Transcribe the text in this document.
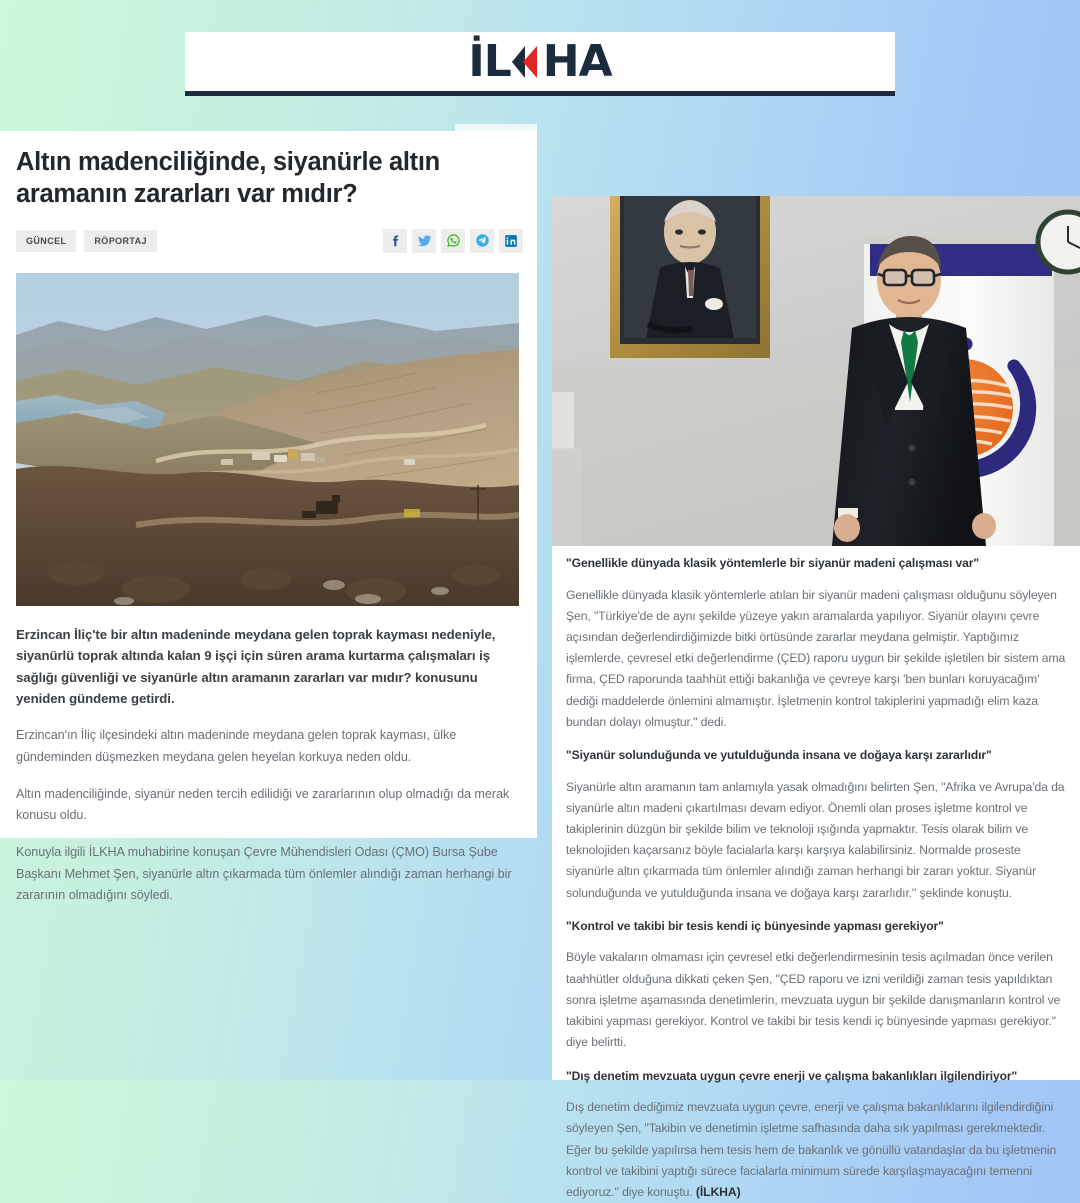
İL HA
Altın madenciliğinde, siyanürle altın aramanın zararları var mıdır?
GÜNCEL	RÖPORTAJ

Erzincan İliç'te bir altın madeninde meydana gelen toprak kayması nedeniyle, siyanürlü toprak altında kalan 9 işçi için süren arama kurtarma çalışmaları iş sağlığı güvenliği ve siyanürle altın aramanın zararları var mıdır? konusunu yeniden gündeme getirdi.

Erzincan'ın İliç ilçesindeki altın madeninde meydana gelen toprak kayması, ülke gündeminden düşmezken meydana gelen heyelan korkuya neden oldu.

Altın madenciliğinde, siyanür neden tercih edilidiği ve zararlarının olup olmadığı da merak konusu oldu.

Konuyla ilgili İLKHA muhabirine konuşan Çevre Mühendisleri Odası (ÇMO) Bursa Şube Başkanı Mehmet Şen, siyanürle altın çıkarmada tüm önlemler alındığı zaman herhangi bir zararının olmadığını söyledi.

"Genellikle dünyada klasik yöntemlerle bir siyanür madeni çalışması var"

Genellikle dünyada klasik yöntemlerle atılan bir siyanür madeni çalışması olduğunu söyleyen Şen, "Türkiye'de de aynı şekilde yüzeye yakın aramalarda yapılıyor. Siyanür olayını çevre açısından değerlendirdiğimizde bitki örtüsünde zararlar meydana gelmiştir. Yaptığımız işlemlerde, çevresel etki değerlendirme (ÇED) raporu uygun bir şekilde işletilen bir sistem ama firma, ÇED raporunda taahhüt ettiği bakanlığa ve çevreye karşı 'ben bunları koruyacağım' dediği maddelerde önlemini almamıştır. İşletmenin kontrol takiplerini yapmadığı elim kaza bundan dolayı olmuştur." dedi.

"Siyanür solunduğunda ve yutulduğunda insana ve doğaya karşı zararlıdır"

Siyanürle altın aramanın tam anlamıyla yasak olmadığını belirten Şen, "Afrika ve Avrupa'da da siyanürle altın madeni çıkartılması devam ediyor. Önemli olan proses işletme kontrol ve takiplerinin düzgün bir şekilde bilim ve teknoloji ışığında yapmaktır. Tesis olarak bilim ve teknolojiden kaçarsanız böyle facialarla karşı karşıya kalabilirsiniz. Normalde proseste siyanürle altın çıkarmada tüm önlemler alındığı zaman herhangi bir zararı yoktur. Siyanür solunduğunda ve yutulduğunda insana ve doğaya karşı zararlıdır." şeklinde konuştu.

"Kontrol ve takibi bir tesis kendi iç bünyesinde yapması gerekiyor"

Böyle vakaların olmaması için çevresel etki değerlendirmesinin tesis açılmadan önce verilen taahhütler olduğuna dikkati çeken Şen, "ÇED raporu ve izni verildiği zaman tesis yapıldıktan sonra işletme aşamasında denetimlerin, mevzuata uygun bir şekilde danışmanların kontrol ve takibini yapması gerekiyor. Kontrol ve takibi bir tesis kendi iç bünyesinde yapması gerekiyor." diye belirtti.

"Dış denetim mevzuata uygun çevre enerji ve çalışma bakanlıkları ilgilendiriyor"

Dış denetim dediğimiz mevzuata uygun çevre, enerji ve çalışma bakanlıklarını ilgilendirdiğini söyleyen Şen, "Takibin ve denetimin işletme safhasında daha sık yapılması gerekmektedir. Eğer bu şekilde yapılırsa hem tesis hem de bakanlık ve gönüllü vatandaşlar da bu işletmenin kontrol ve takibini yaptığı sürece facialarla minimum sürede karşılaşmayacağını temenni ediyoruz." diye konuştu. (İLKHA)
